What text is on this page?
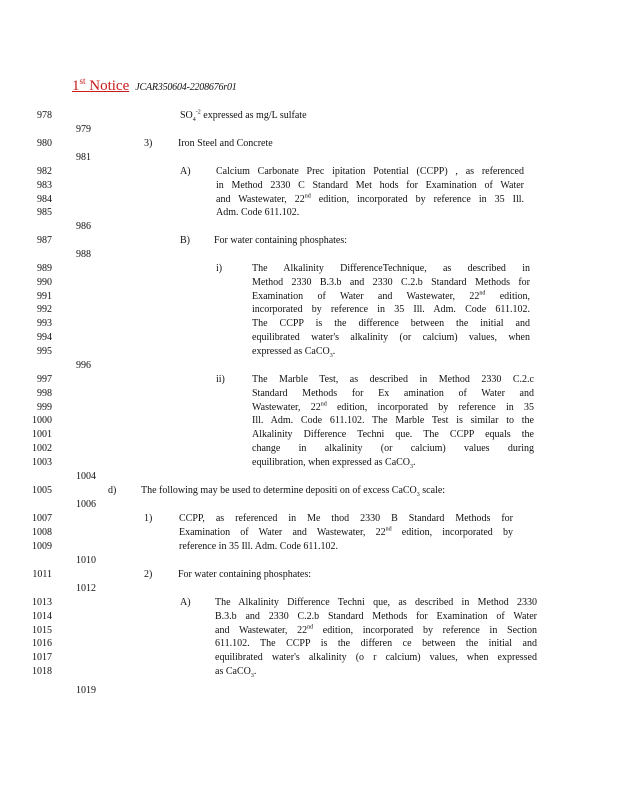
1st Notice JCAR350604-2208676r01
978
979
980
981
982
983
984
985
986
987
988
989
990
991
992
993
994
995
996
997
998
999
1000
1001
1002
1003
1004
1005
1006
1007
1008
1009
1010
1011
1012
1013
1014
1015
1016
1017
1018
1019
$SO_4^{-2}$ expressed as mg/L sulfate
3)	Iron Steel and Concrete
A)	Calcium Carbonate Prec ipitation Potential (CCPP) , as referenced
in Method 2330 C Standard Met hods for Examination of Water
and Wastewater, 22nd edition, incorporated by reference in 35 Ill.
Adm. Code 611.102.
B) For water containing phosphates:
i)	The Alkalinity DifferenceTechnique, as described in
Method 2330 B.3.b and 2330 C.2.b Standard Methods for
Examination of Water and Wastewater, 22nd edition,
incorporated by reference in 35 Ill. Adm. Code 611.102.
The CCPP is the difference between the initial and
equilibrated water's alkalinity (or calcium) values, when
expressed as CaCO$_3$.
ii)	The Marble Test, as described in Method 2330 C.2.c
Standard Methods for Ex amination of Water and
Wastewater, 22nd edition, incorporated by reference in 35
Ill. Adm. Code 611.102. The Marble Test is similar to the
Alkalinity Difference Techni que. The CCPP equals the
change in alkalinity (or calcium) values during
equilibration, when expressed as CaCO$_3$.
d) The following may be used to determine depositi on of excess CaCO$_3$ scale:
1)	CCPP, as referenced in Me thod 2330 B Standard Methods for
Examination of Water and Wastewater, 22nd edition, incorporated by
reference in 35 Ill. Adm. Code 611.102.
2)	For water containing phosphates:
A) The Alkalinity Difference Techni que, as described in Method 2330
B.3.b and 2330 C.2.b Standard Methods for Examination of Water
and Wastewater, 22nd edition, incorporated by reference in Section
611.102. The CCPP is the differen ce between the initial and
equilibrated water's alkalinity (o r calcium) values, when expressed
as CaCO$_3$.
